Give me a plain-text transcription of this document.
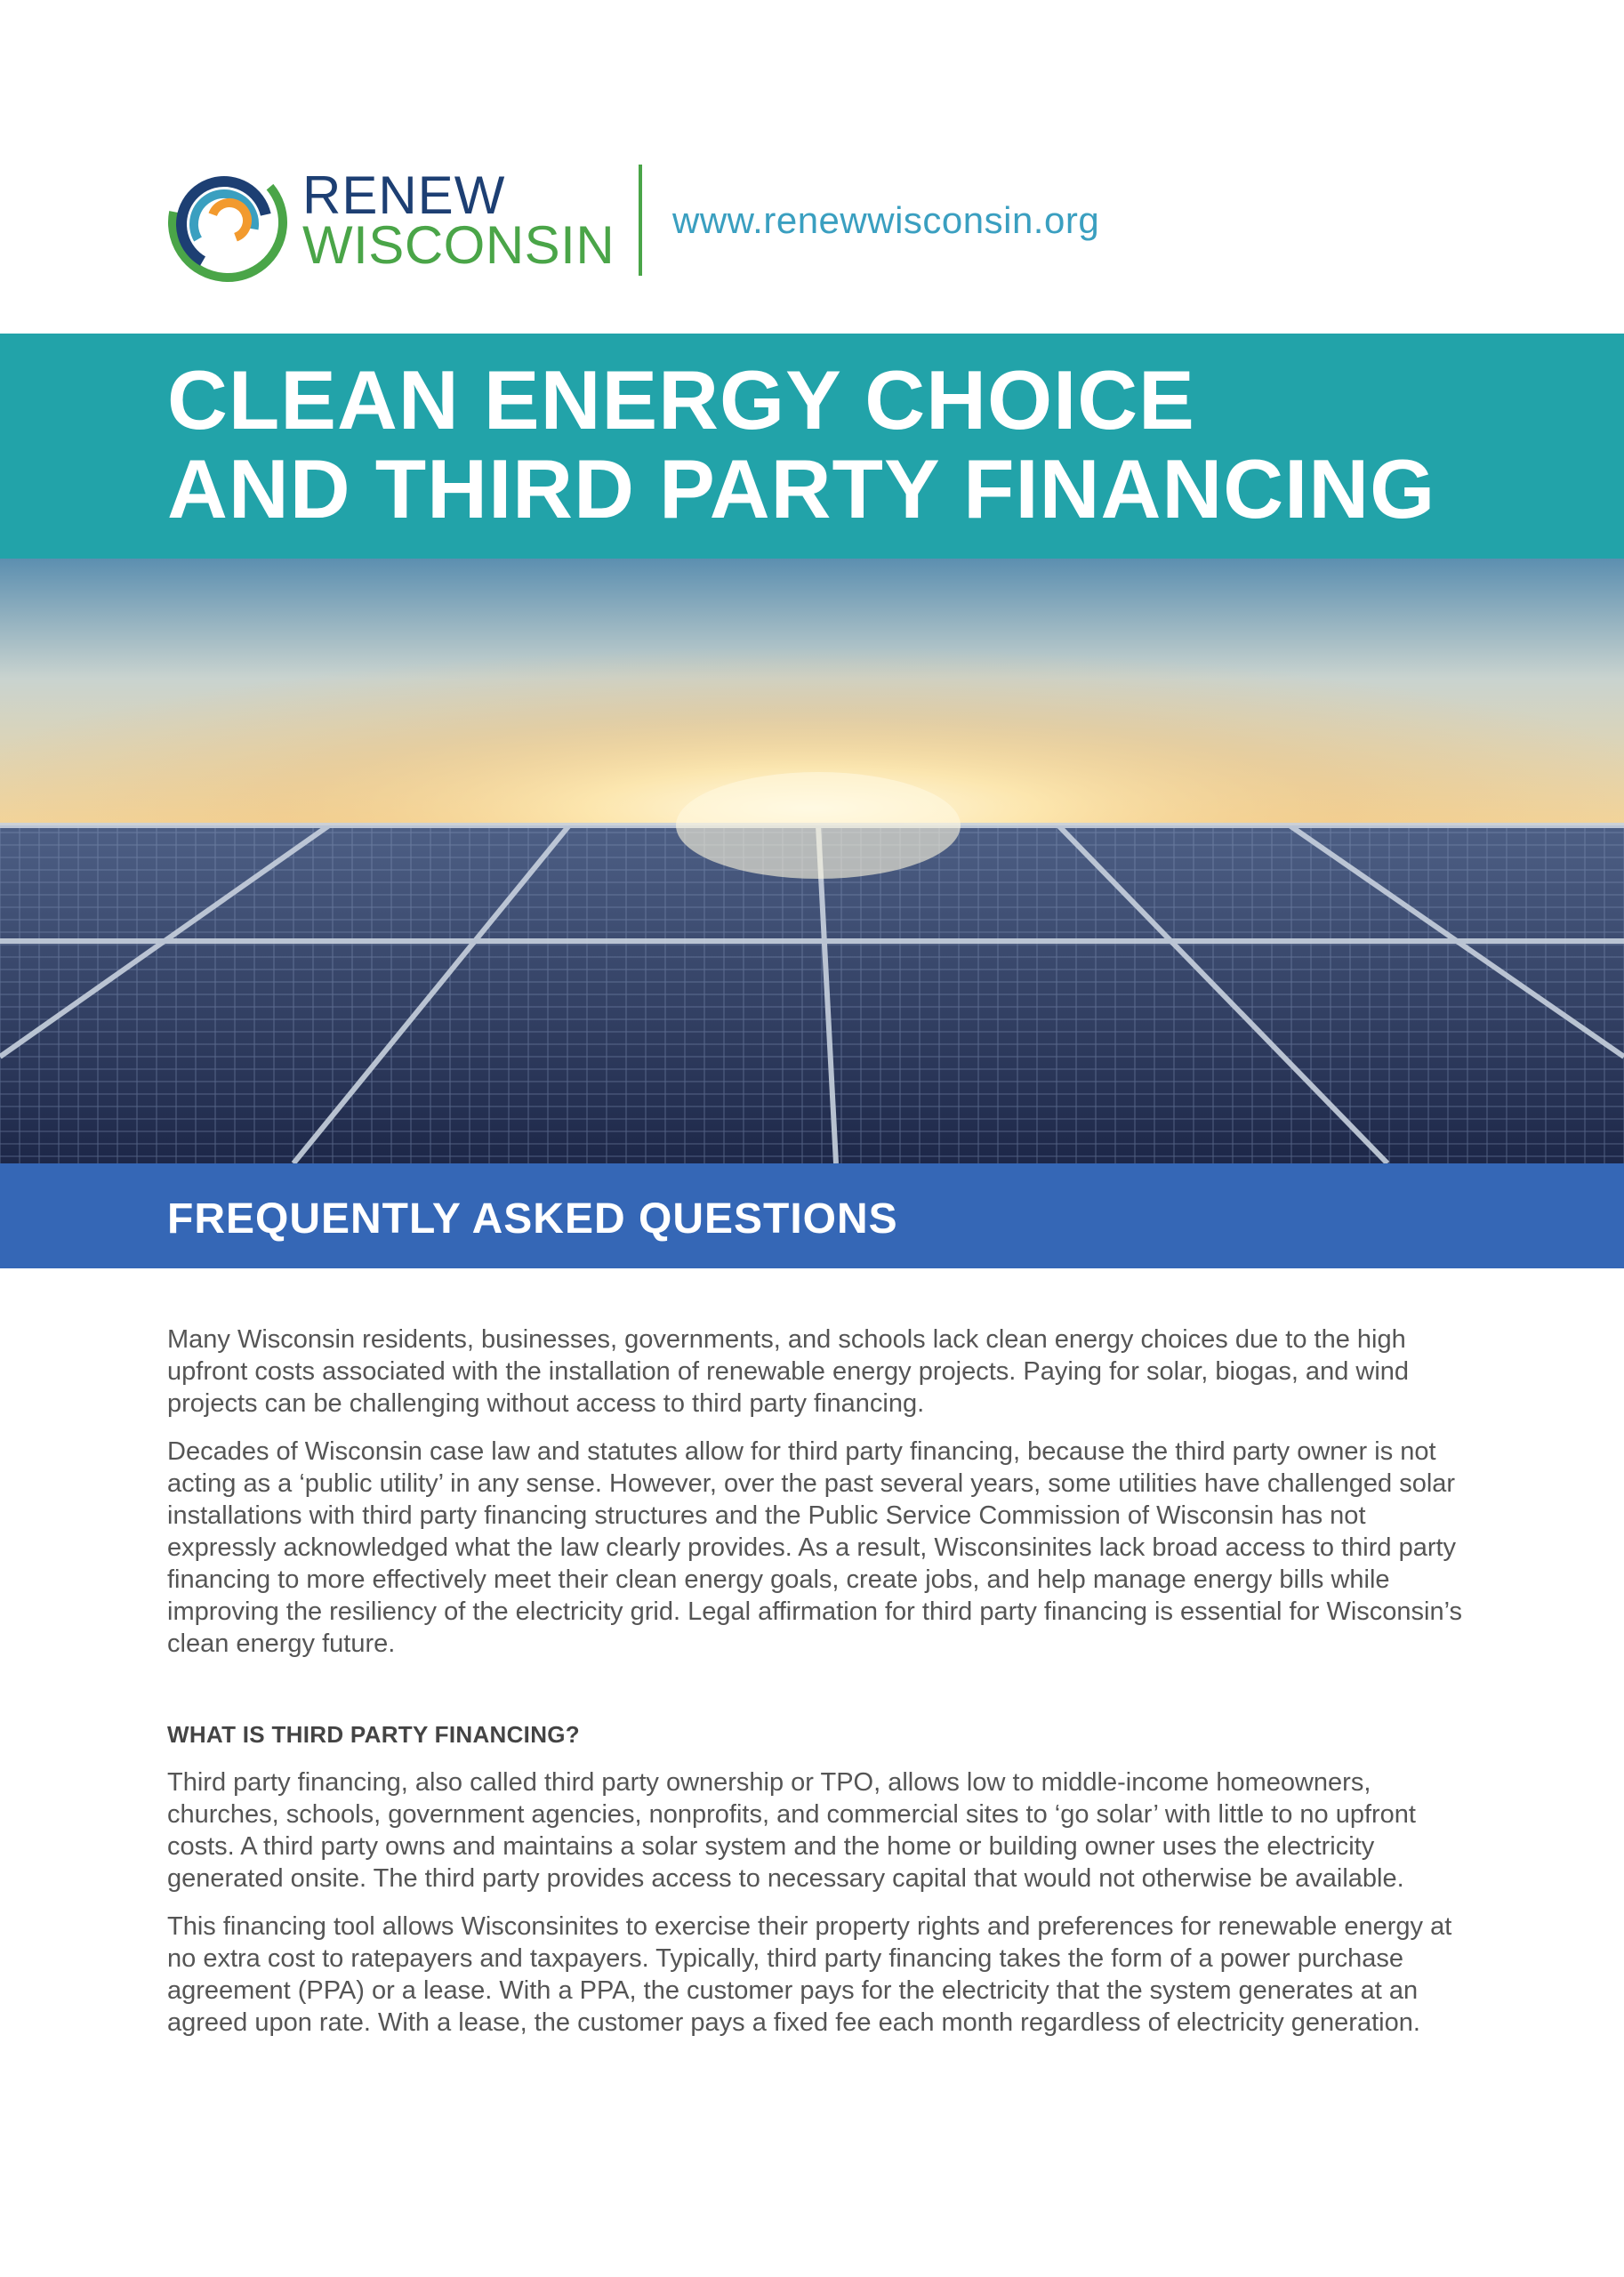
RENEW
WISCONSIN www.renewwisconsin.org
CLEAN ENERGY CHOICE
AND THIRD PARTY FINANCING
FREQUENTLY ASKED QUESTIONS

Many Wisconsin residents, businesses, governments, and schools lack clean energy choices due to the high upfront costs associated with the installation of renewable energy projects. Paying for solar, biogas, and wind projects can be challenging without access to third party financing.

Decades of Wisconsin case law and statutes allow for third party financing, because the third party owner is not acting as a ‘public utility’ in any sense. However, over the past several years, some utilities have challenged solar installations with third party financing structures and the Public Service Commission of Wisconsin has not expressly acknowledged what the law clearly provides. As a result, Wisconsinites lack broad access to third party financing to more effectively meet their clean energy goals, create jobs, and help manage energy bills while improving the resiliency of the electricity grid. Legal affirmation for third party financing is essential for Wisconsin’s clean energy future.

WHAT IS THIRD PARTY FINANCING?

Third party financing, also called third party ownership or TPO, allows low to middle-income homeowners, churches, schools, government agencies, nonprofits, and commercial sites to ‘go solar’ with little to no upfront costs. A third party owns and maintains a solar system and the home or building owner uses the electricity generated onsite. The third party provides access to necessary capital that would not otherwise be available.

This financing tool allows Wisconsinites to exercise their property rights and preferences for renewable energy at no extra cost to ratepayers and taxpayers. Typically, third party financing takes the form of a power purchase agreement (PPA) or a lease. With a PPA, the customer pays for the electricity that the system generates at an agreed upon rate. With a lease, the customer pays a fixed fee each month regardless of electricity generation.
